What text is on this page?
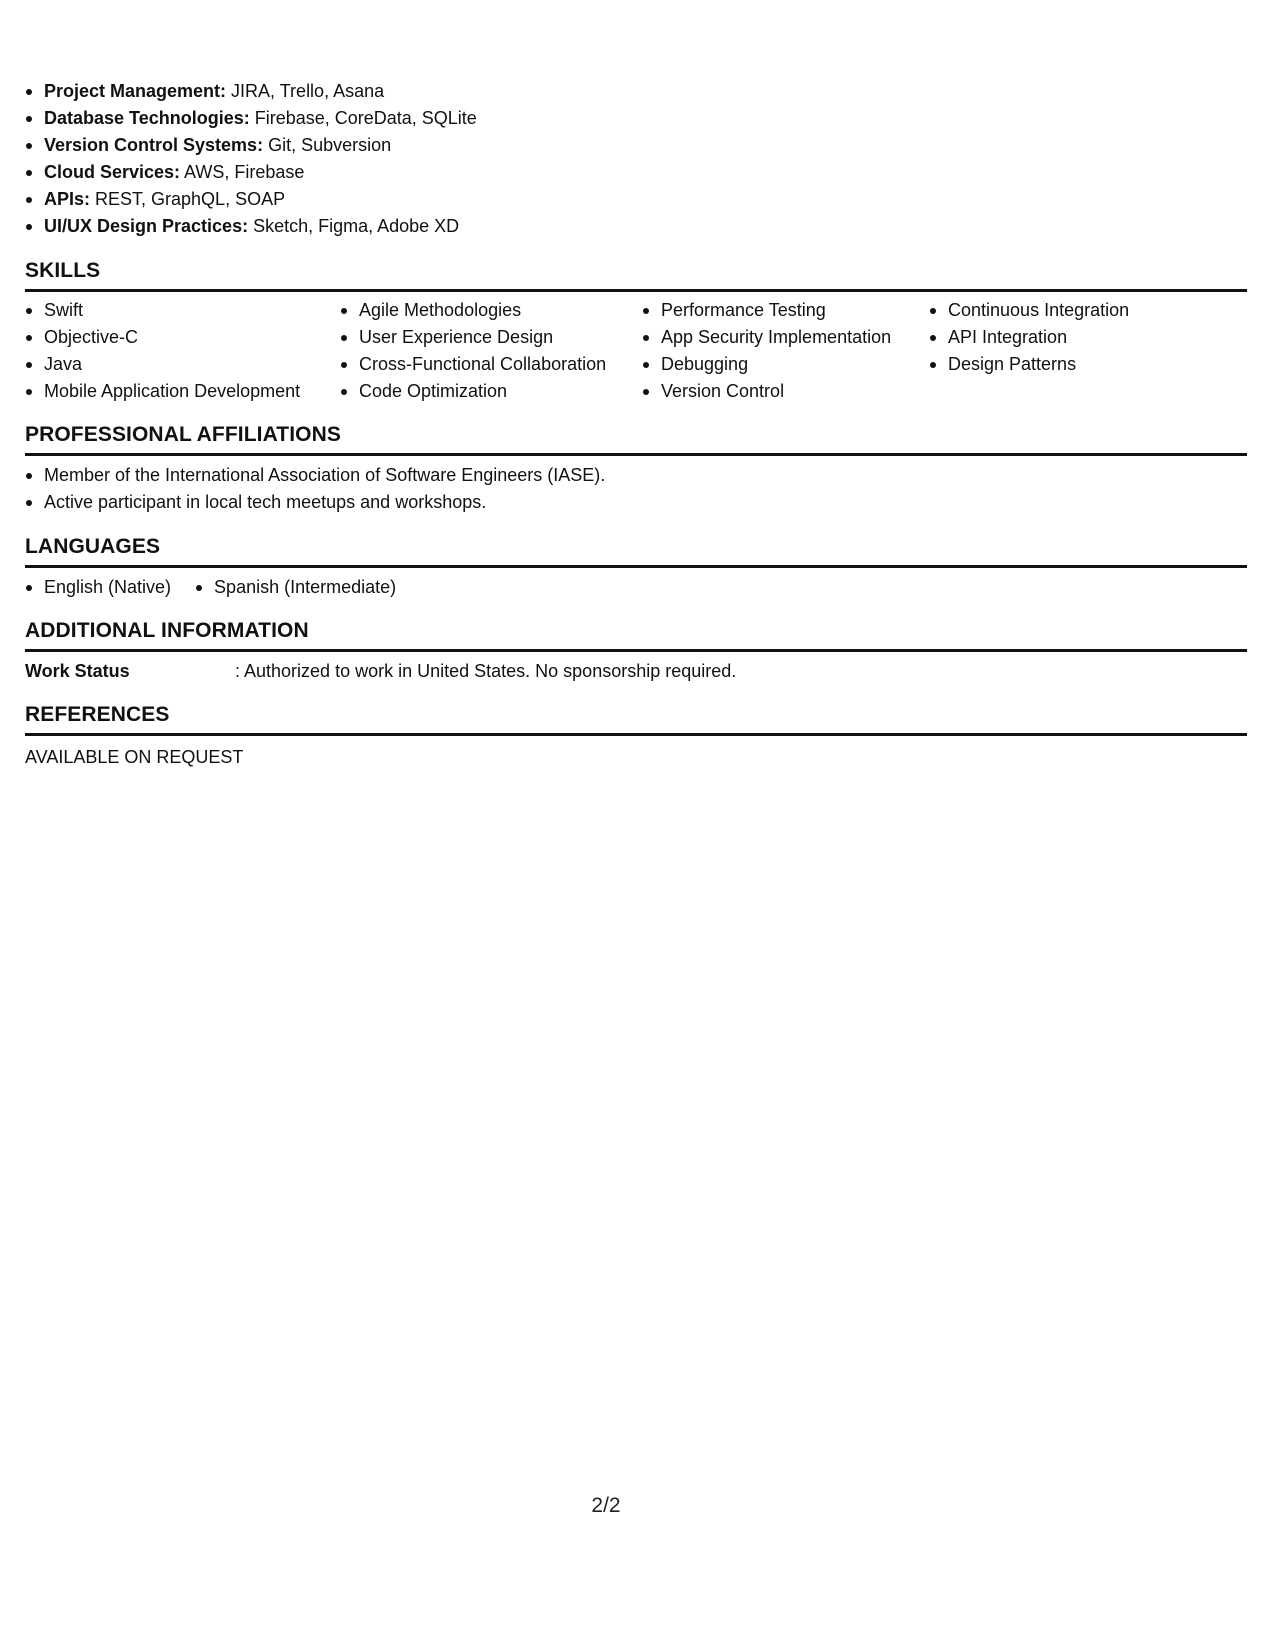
Project Management: JIRA, Trello, Asana
Database Technologies: Firebase, CoreData, SQLite
Version Control Systems: Git, Subversion
Cloud Services: AWS, Firebase
APIs: REST, GraphQL, SOAP
UI/UX Design Practices: Sketch, Figma, Adobe XD
SKILLS
Swift
Objective-C
Java
Mobile Application Development
Agile Methodologies
User Experience Design
Cross-Functional Collaboration
Code Optimization
Performance Testing
App Security Implementation
Debugging
Version Control
Continuous Integration
API Integration
Design Patterns
PROFESSIONAL AFFILIATIONS
Member of the International Association of Software Engineers (IASE).
Active participant in local tech meetups and workshops.
LANGUAGES
English (Native)	Spanish (Intermediate)
ADDITIONAL INFORMATION
Work Status	: Authorized to work in United States. No sponsorship required.
REFERENCES
AVAILABLE ON REQUEST
2/2
